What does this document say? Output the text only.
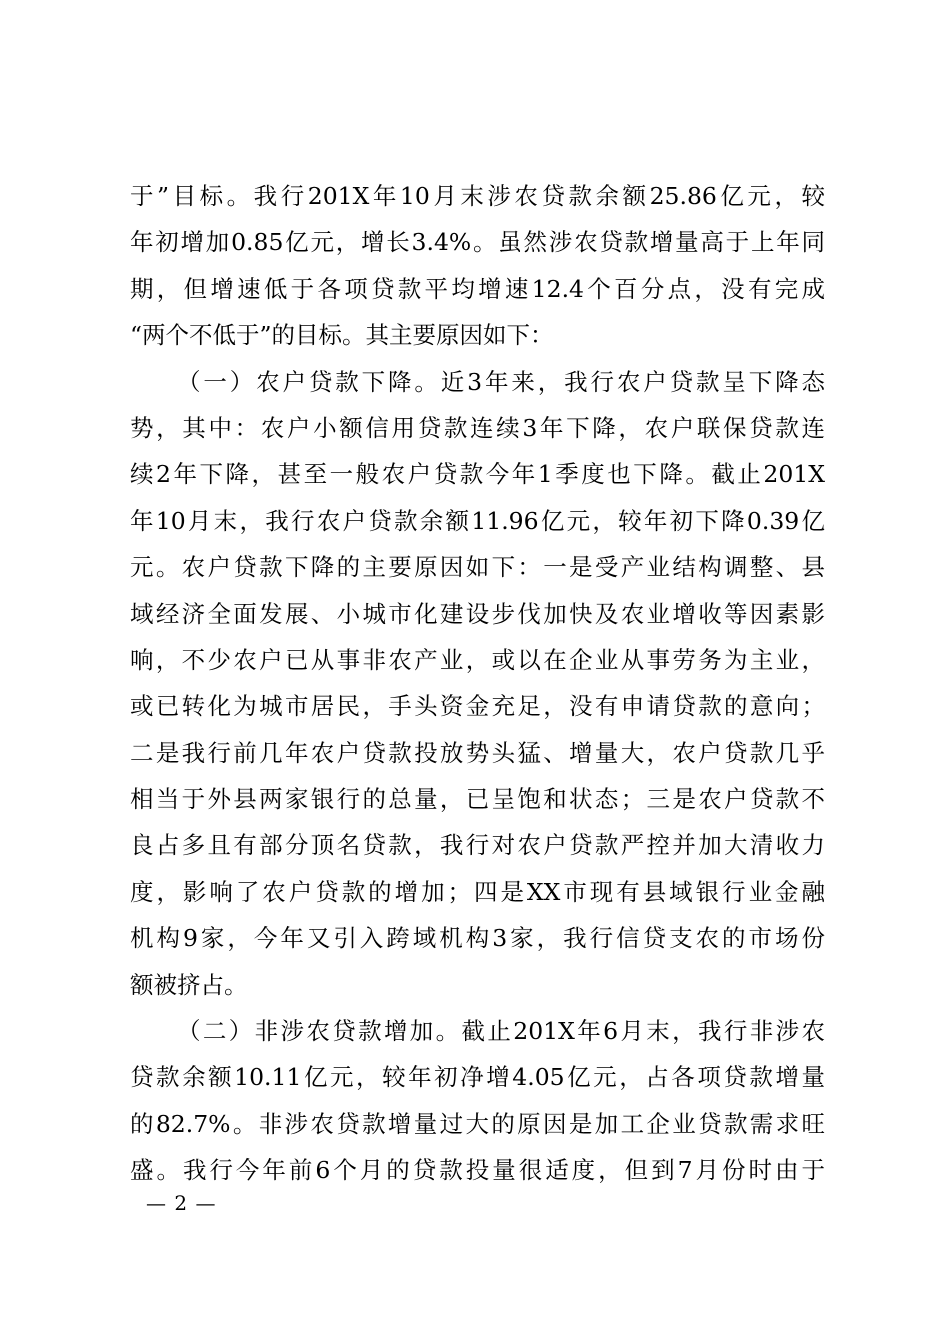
于”目标。我行201X年10月末涉农贷款余额25.86亿元，较
年初增加0.85亿元，增长3.4%。虽然涉农贷款增量高于上年同
期，但增速低于各项贷款平均增速12.4个百分点，没有完成
“两个不低于”的目标。其主要原因如下：
（一）农户贷款下降。近3年来，我行农户贷款呈下降态
势，其中：农户小额信用贷款连续3年下降，农户联保贷款连
续2年下降，甚至一般农户贷款今年1季度也下降。截止201X
年10月末，我行农户贷款余额11.96亿元，较年初下降0.39亿
元。农户贷款下降的主要原因如下：一是受产业结构调整、县
域经济全面发展、小城市化建设步伐加快及农业增收等因素影
响，不少农户已从事非农产业，或以在企业从事劳务为主业，
或已转化为城市居民，手头资金充足，没有申请贷款的意向；
二是我行前几年农户贷款投放势头猛、增量大，农户贷款几乎
相当于外县两家银行的总量，已呈饱和状态；三是农户贷款不
良占多且有部分顶名贷款，我行对农户贷款严控并加大清收力
度，影响了农户贷款的增加；四是XX市现有县域银行业金融
机构9家，今年又引入跨域机构3家，我行信贷支农的市场份
额被挤占。
（二）非涉农贷款增加。截止201X年6月末，我行非涉农
贷款余额10.11亿元，较年初净增4.05亿元，占各项贷款增量
的82.7%。非涉农贷款增量过大的原因是加工企业贷款需求旺
盛。我行今年前6个月的贷款投量很适度，但到7月份时由于
— 2 —
